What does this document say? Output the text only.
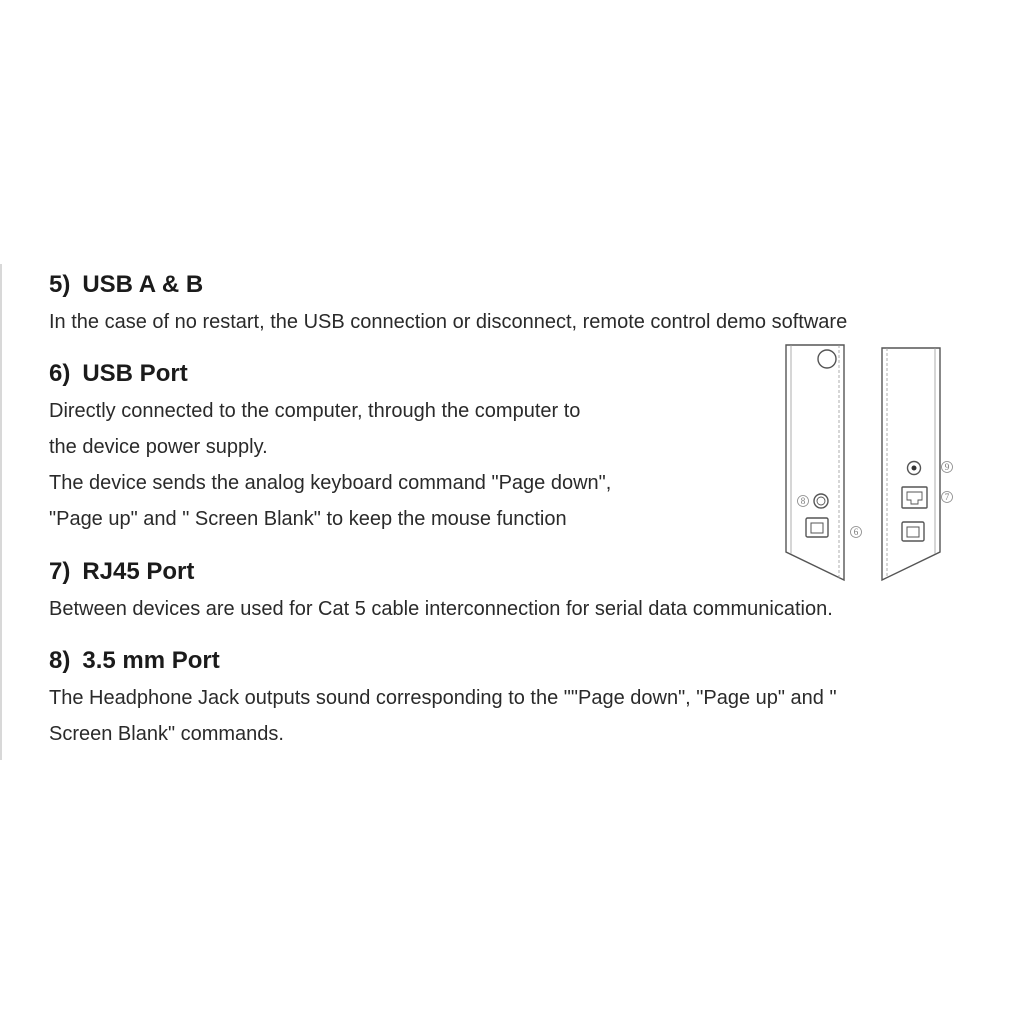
5) USB A & B

In the case of no restart, the USB connection or disconnect, remote control demo software

6) USB Port

Directly connected to the computer, through the computer to
the device power supply.
The device sends the analog keyboard command "Page down",
"Page up" and " Screen Blank" to keep the mouse function

7) RJ45 Port

Between devices are used for Cat 5 cable interconnection for serial data communication.

8) 3.5 mm Port

The Headphone Jack outputs sound corresponding to the ""Page down", "Page up" and "
Screen Blank" commands.

8
6
9
7
